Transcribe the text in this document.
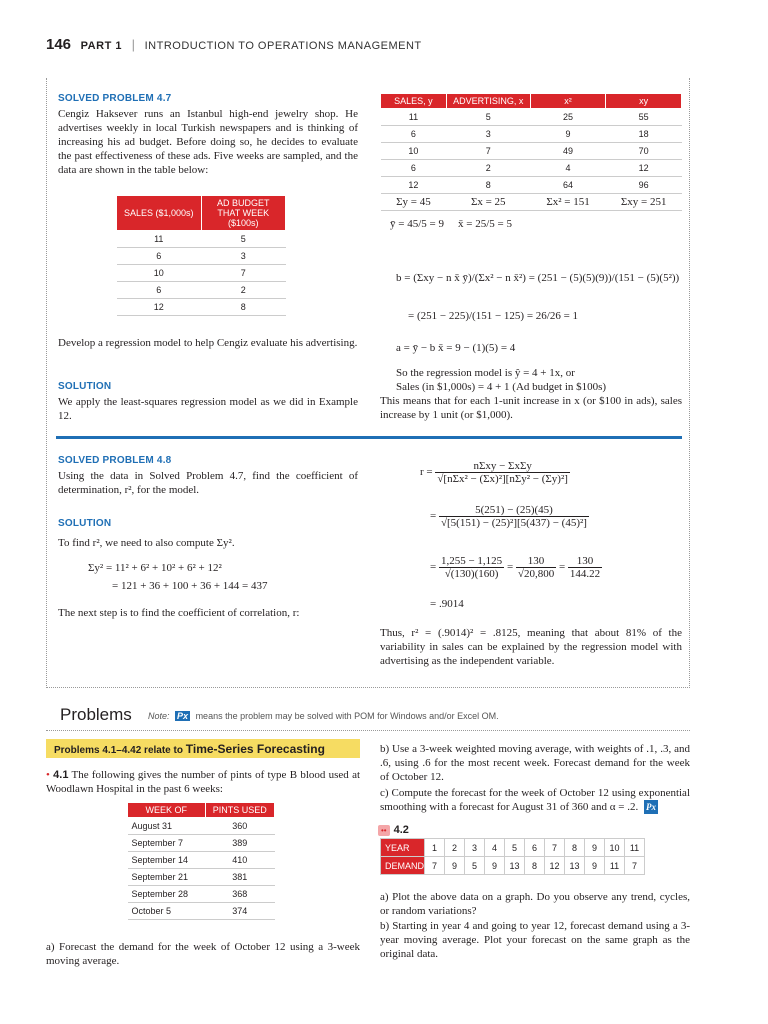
146 PART 1 | INTRODUCTION TO OPERATIONS MANAGEMENT
SOLVED PROBLEM 4.7
Cengiz Haksever runs an Istanbul high-end jewelry shop. He advertises weekly in local Turkish newspapers and is thinking of increasing his ad budget. Before doing so, he decides to evaluate the past effectiveness of these ads. Five weeks are sampled, and the data are shown in the table below:
SALES ($1,000s)	AD BUDGET THAT WEEK ($100s)
11	5
6	3
10	7
6	2
12	8
Develop a regression model to help Cengiz evaluate his advertising.
SOLUTION
We apply the least-squares regression model as we did in Example 12.
SALES, y	ADVERTISING, x	x²	xy
11	5	25	55
6	3	9	18
10	7	49	70
6	2	4	12
12	8	64	96
Σy = 45	Σx = 25	Σx² = 151	Σxy = 251
ȳ = 45/5 = 9 x̄ = 25/5 = 5
b = (Σxy − n x̄ ȳ)/(Σx² − n x̄²) = (251 − (5)(5)(9))/(151 − (5)(5²))
= (251 − 225)/(151 − 125) = 26/26 = 1
a = ȳ − b x̄ = 9 − (1)(5) = 4
So the regression model is ŷ = 4 + 1x, or
Sales (in $1,000s) = 4 + 1 (Ad budget in $100s)
This means that for each 1-unit increase in x (or $100 in ads), sales increase by 1 unit (or $1,000).
SOLVED PROBLEM 4.8
Using the data in Solved Problem 4.7, find the coefficient of determination, r², for the model.
SOLUTION
To find r², we need to also compute Σy².
Σy² = 11² + 6² + 10² + 6² + 12²
= 121 + 36 + 100 + 36 + 144 = 437
The next step is to find the coefficient of correlation, r:
$r = \frac{\text{nΣxy − ΣxΣy}}{\text{√[nΣx² − (Σx)²][nΣy² − (Σy)²]}}$
= $\frac{5(251) - (25)(45)}{\text{√[5(151) − (25)²][5(437) − (45)²]}}$
= $\frac{1,255 - 1,125}{√(130)(160)} = \frac{130}{√20,800} = \frac{130}{144.22}$
= .9014
Thus, r² = (.9014)² = .8125, meaning that about 81% of the variability in sales can be explained by the regression model with advertising as the independent variable.
Problems Note: Px means the problem may be solved with POM for Windows and/or Excel OM.
Problems 4.1–4.42 relate to Time-Series Forecasting
• 4.1 The following gives the number of pints of type B blood used at Woodlawn Hospital in the past 6 weeks:
WEEK OF	PINTS USED
August 31	360
September 7	389
September 14	410
September 21	381
September 28	368
October 5	374
a) Forecast the demand for the week of October 12 using a 3-week moving average.
b) Use a 3-week weighted moving average, with weights of .1, .3, and .6, using .6 for the most recent week. Forecast demand for the week of October 12.
c) Compute the forecast for the week of October 12 using exponential smoothing with a forecast for August 31 of 360 and α = .2. Px
•• 4.2
YEAR	1	2	3	4	5	6	7	8	9	10	11
DEMAND	7	9	5	9	13	8	12	13	9	11	7
a) Plot the above data on a graph. Do you observe any trend, cycles, or random variations?
b) Starting in year 4 and going to year 12, forecast demand using a 3-year moving average. Plot your forecast on the same graph as the original data.
